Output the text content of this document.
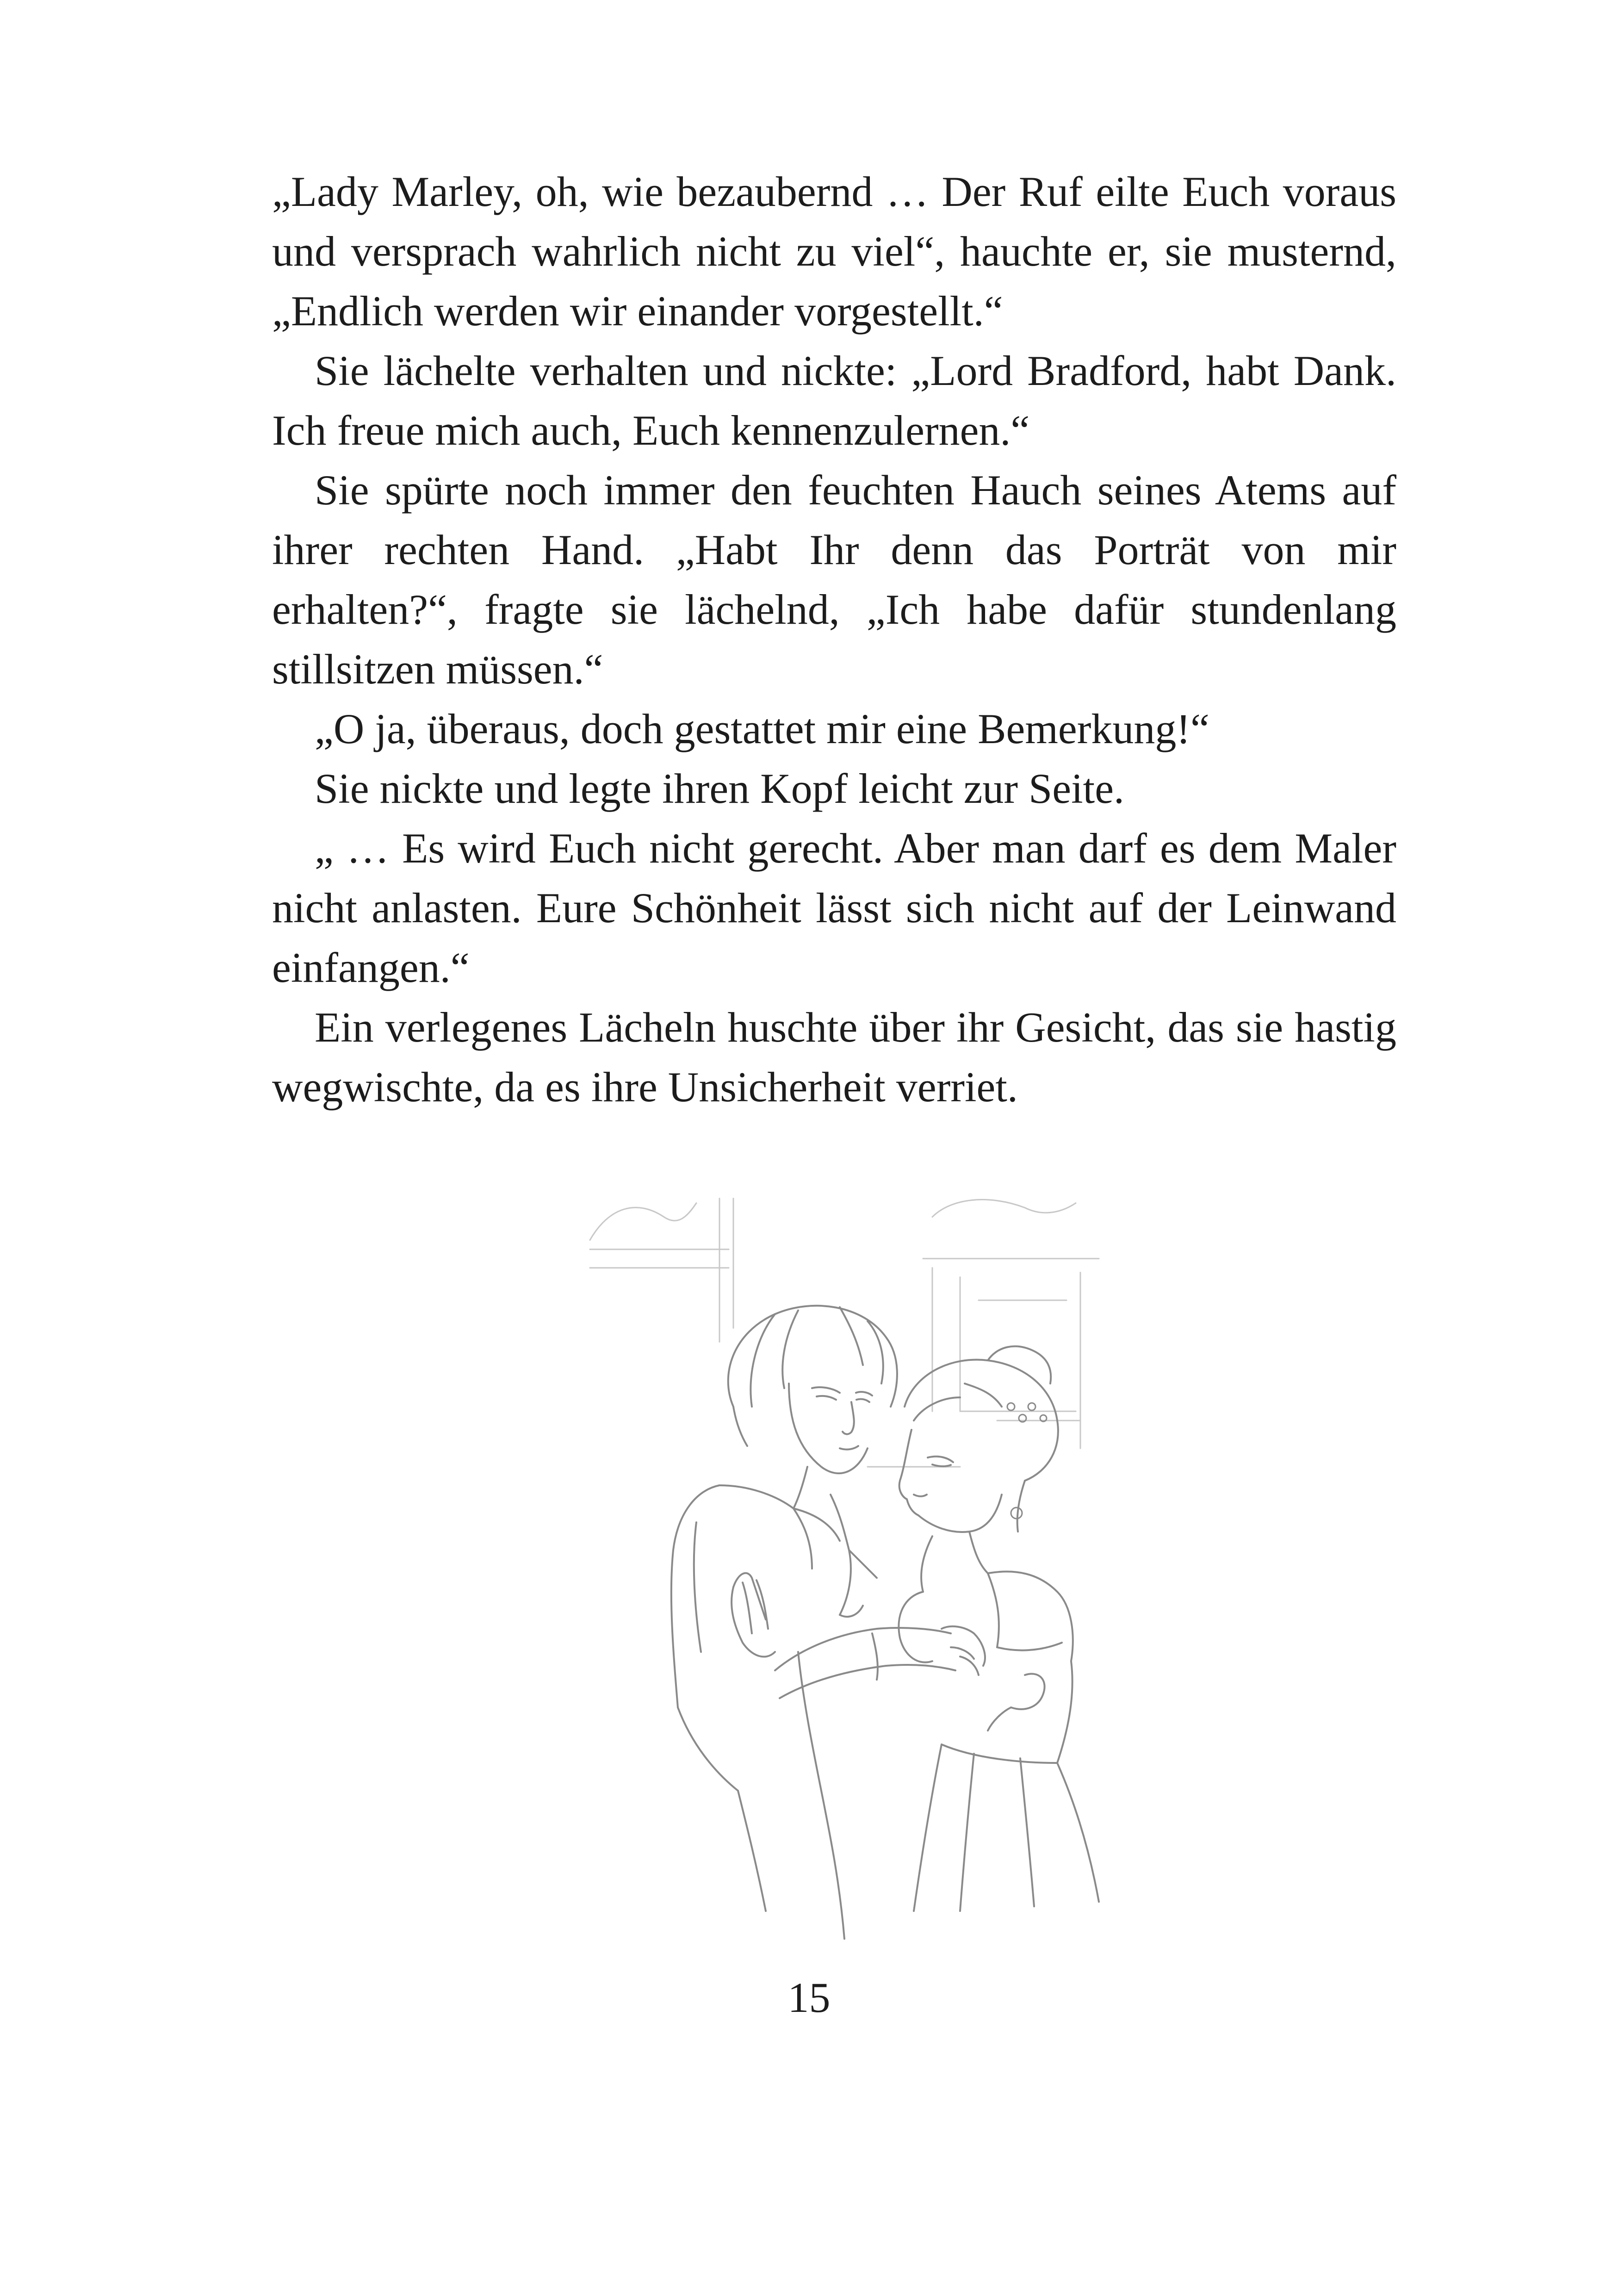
„Lady Marley, oh, wie bezaubernd … Der Ruf eilte Euch voraus und versprach wahrlich nicht zu viel“, hauchte er, sie musternd, „Endlich werden wir einander vorgestellt.“

Sie lächelte verhalten und nickte: „Lord Bradford, habt Dank. Ich freue mich auch, Euch kennenzulernen.“

Sie spürte noch immer den feuchten Hauch seines Atems auf ihrer rechten Hand. „Habt Ihr denn das Porträt von mir erhalten?“, fragte sie lächelnd, „Ich habe dafür stundenlang stillsitzen müssen.“

„O ja, überaus, doch gestattet mir eine Bemerkung!“

Sie nickte und legte ihren Kopf leicht zur Seite.

„ … Es wird Euch nicht gerecht. Aber man darf es dem Maler nicht anlasten. Eure Schönheit lässt sich nicht auf der Leinwand einfangen.“

Ein verlegenes Lächeln huschte über ihr Gesicht, das sie hastig wegwischte, da es ihre Unsicherheit verriet.

15
